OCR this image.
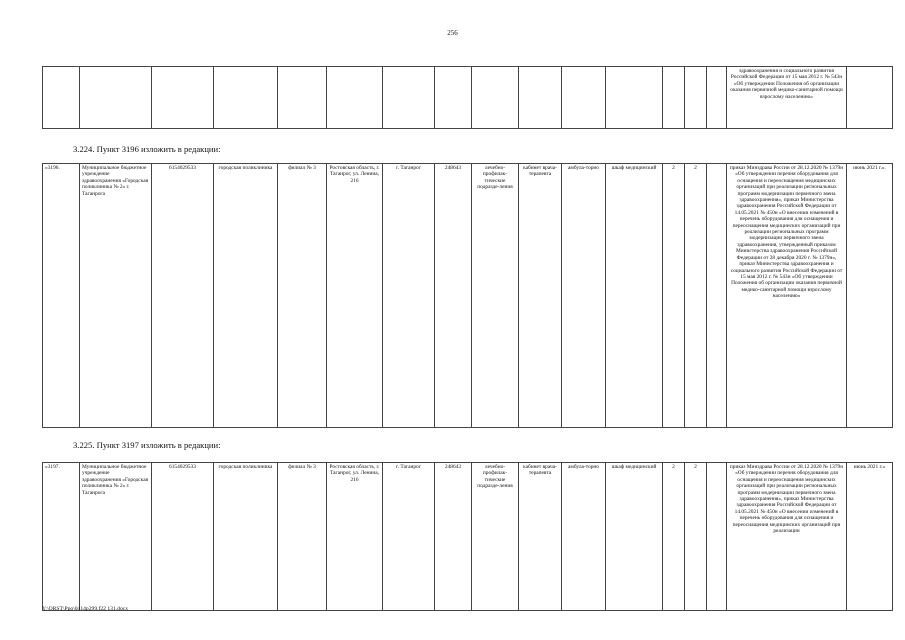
256
															здравоохранения и социального развития Российской Федерации от 15 мая 2012 г. № 543н «Об утверждении Положения об организации оказания первичной медико-санитарной помощи взрослому населению»	
3.224. Пункт 3196 изложить в редакции:
«3196.	Муниципальное бюджетное учреждение здравоохранения «Городская поликлиника № 2» г. Таганрога	6154029533	городская поликлиника	филиал № 3	Ростовская область, г. Таганрог, ул. Ленина, 216	г. Таганрог	248643	лечебно-профилак-тические подразде-ления	кабинет врача-терапевта	амбула-торно	шкаф медицинский	2	2		приказ Минздрава России от 28.12.2020 № 1379н «Об утверждении перечня оборудования для оснащения и переоснащения медицинских организаций при реализации региональных программ модернизации первичного звена здравоохранения», приказ Министерства здравоохранения Российской Федерации от 14.05.2021 № 450н «О внесении изменений в перечень оборудования для оснащения и переоснащения медицинских организаций при реализации региональных программ модернизации первичного звена здравоохранения, утвержденный приказом Министерства здравоохранения Российской Федерации от 28 декабря 2020 г. № 1379н», приказ Министерства здравоохранения и социального развития Российской Федерации от 15 мая 2012 г. № 543н «Об утверждении Положения об организации оказания первичной медико-санитарной помощи взрослому населению»	июнь 2021 г.».
3.225. Пункт 3197 изложить в редакции:
«3197.	Муниципальное бюджетное учреждение здравоохранения «Городская поликлиника № 2» г. Таганрога	6154029533	городская поликлиника	филиал № 3	Ростовская область, г. Таганрог, ул. Ленина, 216	г. Таганрог	248643	лечебно-профилак-тические подразде-ления	кабинет врача-терапевта	амбула-торно	шкаф медицинский	2	2		приказ Минздрава России от 28.12.2020 № 1379н «Об утверждении перечня оборудования для оснащения и переоснащения медицинских организаций при реализации региональных программ модернизации первичного звена здравоохранения», приказ Министерства здравоохранения Российской Федерации от 14.05.2021 № 450н «О внесении изменений в перечень оборудования для оснащения и переоснащения медицинских организаций при реализации	июнь 2021 г.»
Y:\ORST\Ppo\0414p299.f22 131.docx
